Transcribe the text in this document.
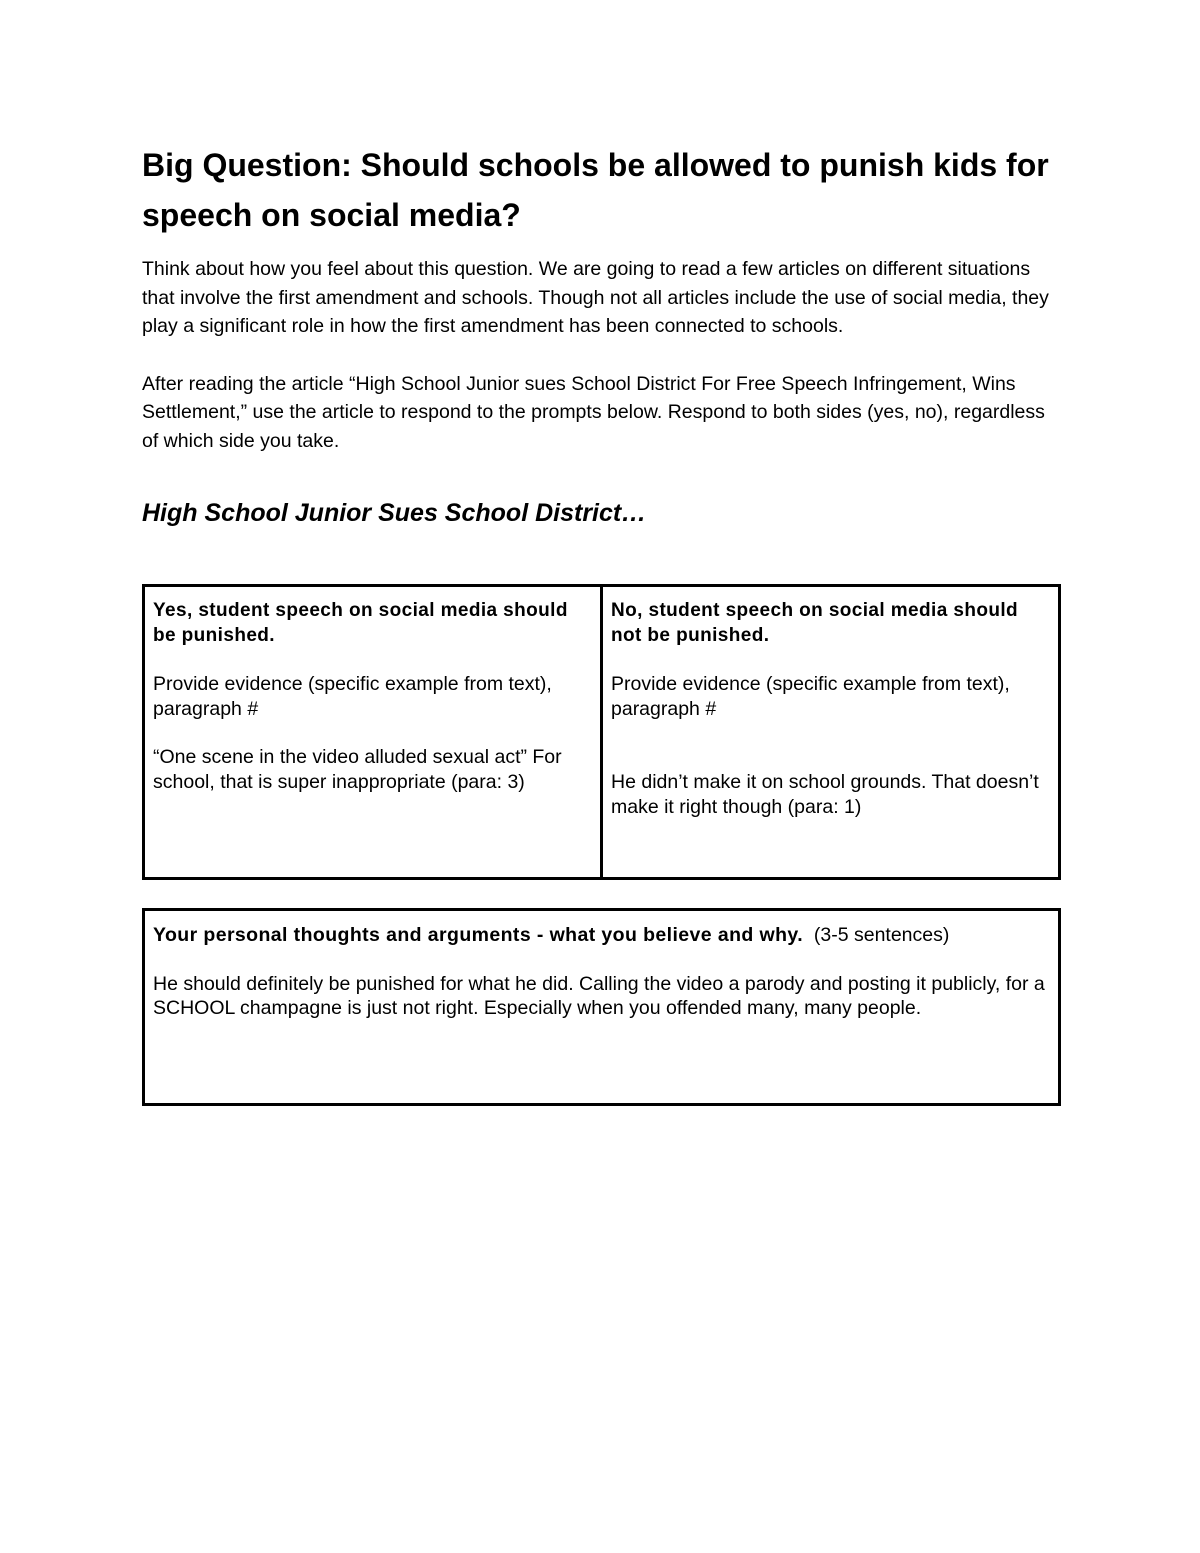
Big Question: Should schools be allowed to punish kids for speech on social media?

Think about how you feel about this question. We are going to read a few articles on different situations that involve the first amendment and schools. Though not all articles include the use of social media, they play a significant role in how the first amendment has been connected to schools.

After reading the article “High School Junior sues School District For Free Speech Infringement, Wins Settlement,” use the article to respond to the prompts below. Respond to both sides (yes, no), regardless of which side you take.

High School Junior Sues School District…

Yes, student speech on social media should be punished.

Provide evidence (specific example from text), paragraph #

“One scene in the video alluded sexual act” For school, that is super inappropriate (para: 3)

No, student speech on social media should not be punished.

Provide evidence (specific example from text), paragraph #

He didn’t make it on school grounds. That doesn’t make it right though (para: 1)

Your personal thoughts and arguments - what you believe and why.  (3-5 sentences)

He should definitely be punished for what he did. Calling the video a parody and posting it publicly, for a SCHOOL champagne is just not right. Especially when you offended many, many people.
